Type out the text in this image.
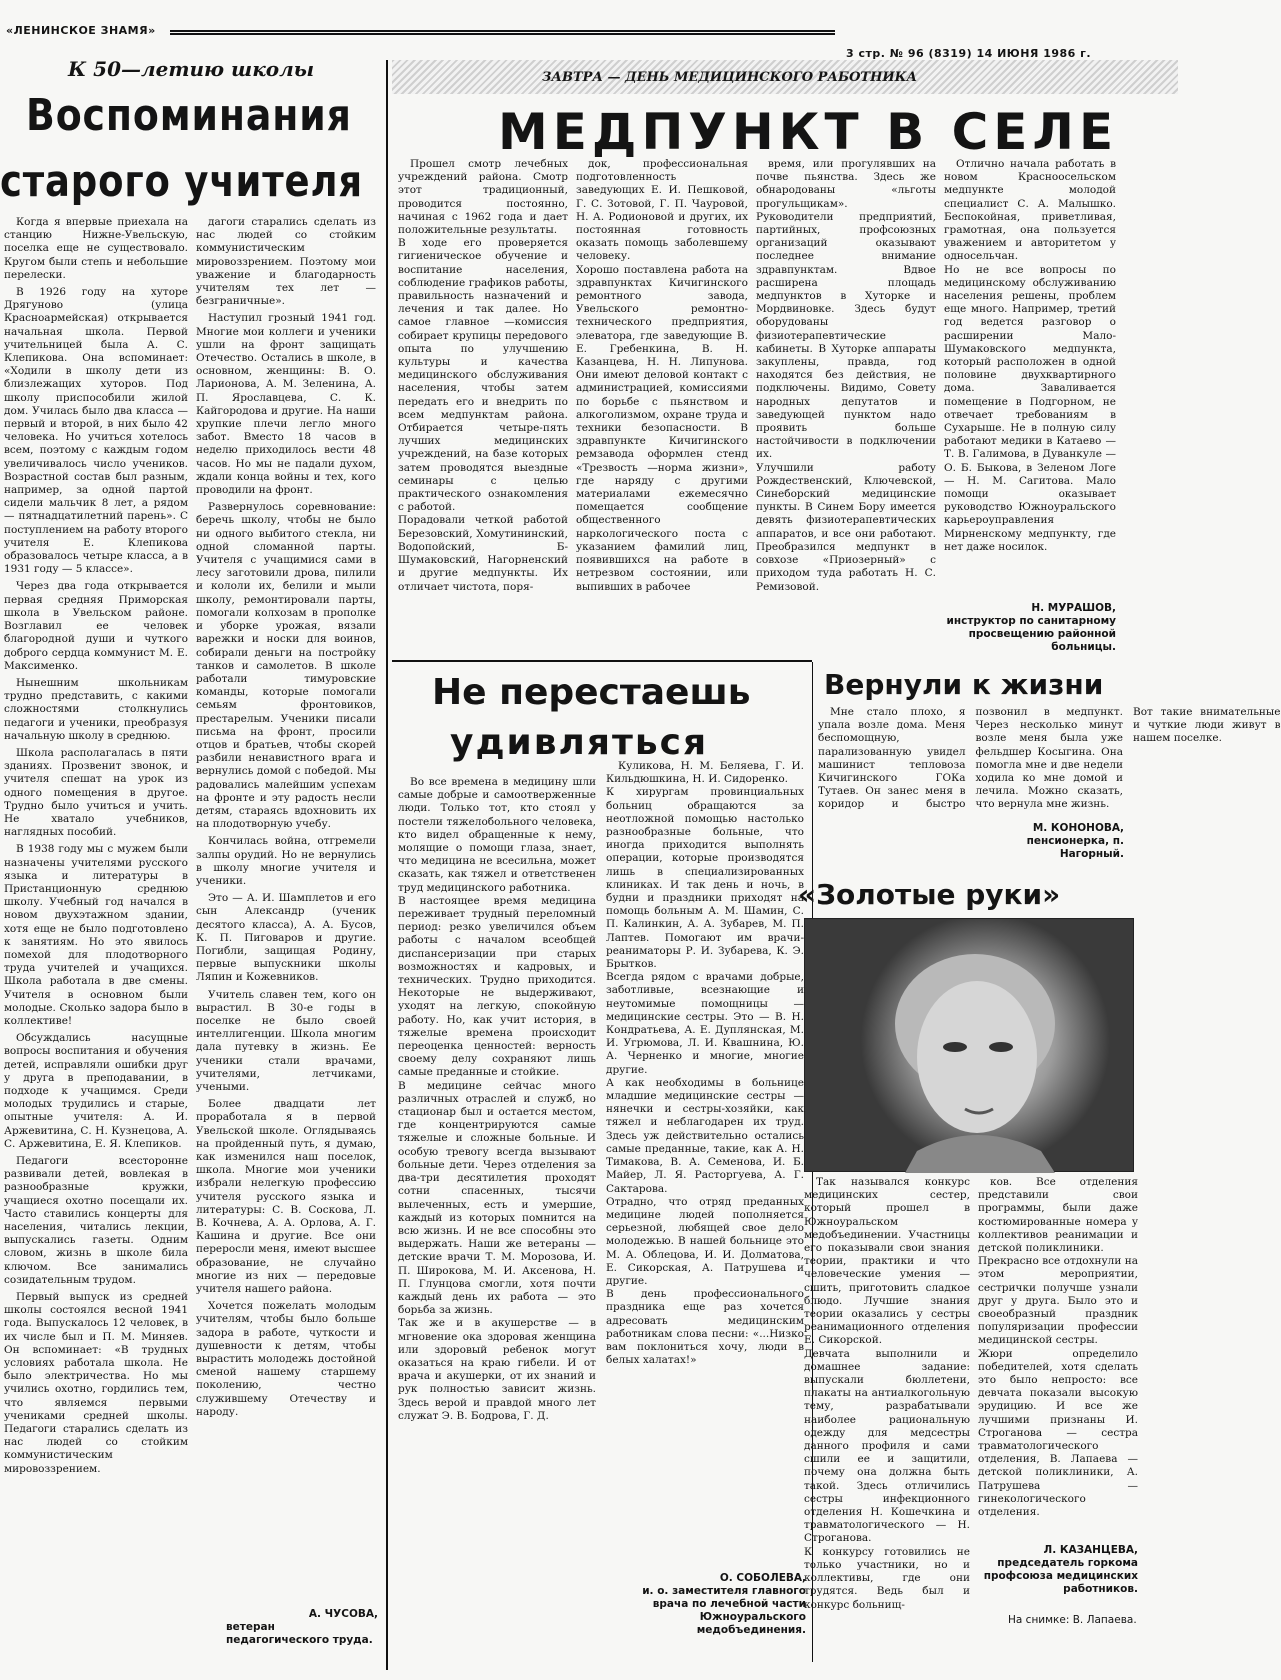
«ЛЕНИНСКОЕ ЗНАМЯ»
3 стр. № 96 (8319) 14 ИЮНЯ 1986 г.
К 50—летию школы
Воспоминания
старого учителя

Когда я впервые приехала на станцию Нижне-Увельскую, поселка еще не существовало. Кругом были степь и небольшие перелески.

В 1926 году на хуторе Дрягуново (улица Красноармейская) открывается начальная школа. Первой учительницей была А. С. Клепикова. Она вспоминает: «Ходили в школу дети из близлежащих хуторов. Под школу приспособили жилой дом. Училась было два класса — первый и второй, в них было 42 человека. Но учиться хотелось всем, поэтому с каждым годом увеличивалось число учеников. Возрастной состав был разным, например, за одной партой сидели мальчик 8 лет, а рядом — пятнадцатилетний парень». С поступлением на работу второго учителя Е. Клепикова образовалось четыре класса, а в 1931 году — 5 классе».

Через два года открывается первая средняя Приморская школа в Увельском районе. Возглавил ее человек благородной души и чуткого доброго сердца коммунист М. Е. Максименко.

Нынешним школьникам трудно представить, с какими сложностями столкнулись педагоги и ученики, преобразуя начальную школу в среднюю.

Школа располагалась в пяти зданиях. Прозвенит звонок, и учителя спешат на урок из одного помещения в другое. Трудно было учиться и учить. Не хватало учебников, наглядных пособий.

В 1938 году мы с мужем были назначены учителями русского языка и литературы в Пристанционную среднюю школу. Учебный год начался в новом двухэтажном здании, хотя еще не было подготовлено к занятиям. Но это явилось помехой для плодотворного труда учителей и учащихся. Школа работала в две смены. Учителя в основном были молодые. Сколько задора было в коллективе!

Обсуждались насущные вопросы воспитания и обучения детей, исправляли ошибки друг у друга в преподавании, в подходе к учащимся. Среди молодых трудились и старые, опытные учителя: А. И. Аржевитина, С. Н. Кузнецова, А. С. Аржевитина, Е. Я. Клепиков.

Педагоги всесторонне развивали детей, вовлекая в разнообразные кружки, учащиеся охотно посещали их. Часто ставились концерты для населения, читались лекции, выпускались газеты. Одним словом, жизнь в школе била ключом. Все занимались созидательным трудом.

Первый выпуск из средней школы состоялся весной 1941 года. Выпускалось 12 человек, в их числе был и П. М. Миняев. Он вспоминает: «В трудных условиях работала школа. Не было электричества. Но мы учились охотно, гордились тем, что являемся первыми учениками средней школы. Педагоги старались сделать из нас людей со стойким коммунистическим мировоззрением.

дагоги старались сделать из нас людей со стойким коммунистическим мировоззрением. Поэтому мои уважение и благодарность учителям тех лет — безграничные».

Наступил грозный 1941 год. Многие мои коллеги и ученики ушли на фронт защищать Отечество. Остались в школе, в основном, женщины: В. О. Ларионова, А. М. Зеленина, А. П. Ярославцева, С. К. Кайгородова и другие. На наши хрупкие плечи легло много забот. Вместо 18 часов в неделю приходилось вести 48 часов. Но мы не падали духом, ждали конца войны и тех, кого проводили на фронт.

Развернулось соревнование: беречь школу, чтобы не было ни одного выбитого стекла, ни одной сломанной парты. Учителя с учащимися сами в лесу заготовили дрова, пилили и кололи их, белили и мыли школу, ремонтировали парты, помогали колхозам в прополке и уборке урожая, вязали варежки и носки для воинов, собирали деньги на постройку танков и самолетов. В школе работали тимуровские команды, которые помогали семьям фронтовиков, престарелым. Ученики писали письма на фронт, просили отцов и братьев, чтобы скорей разбили ненавистного врага и вернулись домой с победой. Мы радовались малейшим успехам на фронте и эту радость несли детям, стараясь вдохновить их на плодотворную учебу.

Кончилась война, отгремели залпы орудий. Но не вернулись в школу многие учителя и ученики.

Это — А. И. Шамплетов и его сын Александр (ученик десятого класса), А. А. Бусов, К. П. Пиговаров и другие. Погибли, защищая Родину, первые выпускники школы Ляпин и Кожевников.

Учитель славен тем, кого он вырастил. В 30-е годы в поселке не было своей интеллигенции. Школа многим дала путевку в жизнь. Ее ученики стали врачами, учителями, летчиками, учеными.

Более двадцати лет проработала я в первой Увельской школе. Оглядываясь на пройденный путь, я думаю, как изменился наш поселок, школа. Многие мои ученики избрали нелегкую профессию учителя русского языка и литературы: С. В. Соскова, Л. В. Кочнева, А. А. Орлова, А. Г. Кашина и другие. Все они переросли меня, имеют высшее образование, не случайно многие из них — передовые учителя нашего района.

Хочется пожелать молодым учителям, чтобы было больше задора в работе, чуткости и душевности к детям, чтобы вырастить молодежь достойной сменой нашему старшему поколению, честно служившему Отечеству и народу.

А. ЧУСОВА,
ветеран педагогического труда.
ЗАВТРА — ДЕНЬ МЕДИЦИНСКОГО РАБОТНИКА
МЕДПУНКТ В СЕЛЕ
Прошел смотр лечебных учреждений района. Смотр этот традиционный, проводится постоянно, начиная с 1962 года и дает положительные результаты.
В ходе его проверяется гигиеническое обучение и воспитание населения, соблюдение графиков работы, правильность назначений и лечения и так далее. Но самое главное —комиссия собирает крупицы передового опыта по улучшению культуры и качества медицинского обслуживания населения, чтобы затем передать его и внедрить по всем медпунктам района. Отбирается четыре-пять лучших медицинских учреждений, на базе которых затем проводятся выездные семинары с целью практического ознакомления с работой.
Порадовали четкой работой Березовский, Хомутининский, Водопойский, Б-Шумаковский, Нагорненский и другие медпункты. Их отличает чистота, поря-
док, профессиональная подготовленность заведующих Е. И. Пешковой, Г. С. Зотовой, Г. П. Чауровой, Н. А. Родионовой и других, их постоянная готовность оказать помощь заболевшему человеку.
Хорошо поставлена работа на здравпунктах Кичигинского ремонтного завода, Увельского ремонтно-технического предприятия, элеватора, где заведующие В. Е. Гребенкина, В. Н. Казанцева, Н. Н. Липунова. Они имеют деловой контакт с администрацией, комиссиями по борьбе с пьянством и алкоголизмом, охране труда и техники безопасности. В здравпункте Кичигинского ремзавода оформлен стенд «Трезвость —норма жизни», где наряду с другими материалами ежемесячно помещается сообщение общественного наркологического поста с указанием фамилий лиц, появившихся на работе в нетрезвом состоянии, или выпивших в рабочее
время, или прогулявших на почве пьянства. Здесь же обнародованы «льготы прогульщикам».
Руководители предприятий, партийных, профсоюзных организаций оказывают последнее внимание здравпунктам. Вдвое расширена площадь медпунктов в Хуторке и Мордвиновке. Здесь будут оборудованы физиотерапевтические кабинеты. В Хуторке аппараты закуплены, правда, год находятся без действия, не подключены. Видимо, Совету народных депутатов и заведующей пунктом надо проявить больше настойчивости в подключении их.
Улучшили работу Рождественский, Ключевской, Синеборский медицинские пункты. В Синем Бору имеется девять физиотерапевтических аппаратов, и все они работают. Преобразился медпункт в совхозе «Приозерный» с приходом туда работать Н. С. Ремизовой.
Отлично начала работать в новом Красноосельском медпункте молодой специалист С. А. Малышко. Беспокойная, приветливая, грамотная, она пользуется уважением и авторитетом у односельчан.
Но не все вопросы по медицинскому обслуживанию населения решены, проблем еще много. Например, третий год ведется разговор о расширении Мало-Шумаковского медпункта, который расположен в одной половине двухквартирного дома. Заваливается помещение в Подгорном, не отвечает требованиям в Сухарыше. Не в полную силу работают медики в Катаево — Т. В. Галимова, в Дуванкуле — О. Б. Быкова, в Зеленом Логе— Н. М. Сагитова. Мало помощи оказывает руководство Южноуральского карьероуправления Мирненскому медпункту, где нет даже носилок.
Н. МУРАШОВ,
инструктор по санитарному просвещению районной больницы.
Не перестаешь
удивляться
Во все времена в медицину шли самые добрые и самоотверженные люди. Только тот, кто стоял у постели тяжелобольного человека, кто видел обращенные к нему, молящие о помощи глаза, знает, что медицина не всесильна, может сказать, как тяжел и ответственен труд медицинского работника.
В настоящее время медицина переживает трудный переломный период: резко увеличился объем работы с началом всеобщей диспансеризации при старых возможностях и кадровых, и технических. Трудно приходится. Некоторые не выдерживают, уходят на легкую, спокойную работу. Но, как учит история, в тяжелые времена происходит переоценка ценностей: верность своему делу сохраняют лишь самые преданные и стойкие.
В медицине сейчас много различных отраслей и служб, но стационар был и остается местом, где концентрируются самые тяжелые и сложные больные. И особую тревогу всегда вызывают больные дети. Через отделения за два-три десятилетия проходят сотни спасенных, тысячи вылеченных, есть и умершие, каждый из которых помнится на всю жизнь. И не все способны это выдержать. Наши же ветераны — детские врачи Т. М. Морозова, И. П. Широкова, М. И. Аксенова, Н. П. Глунцова смогли, хотя почти каждый день их работа — это борьба за жизнь.
Так же и в акушерстве — в мгновение ока здоровая женщина или здоровый ребенок могут оказаться на краю гибели. И от врача и акушерки, от их знаний и рук полностью зависит жизнь. Здесь верой и правдой много лет служат Э. В. Бодрова, Г. Д.
Куликова, Н. М. Беляева, Г. И. Кильдюшкина, Н. И. Сидоренко.
К хирургам провинциальных больниц обращаются за неотложной помощью настолько разнообразные больные, что иногда приходится выполнять операции, которые производятся лишь в специализированных клиниках. И так день и ночь, в будни и праздники приходят на помощь больным А. М. Шамин, С. П. Калинкин, А. А. Зубарев, М. П. Лаптев. Помогают им врачи-реаниматоры Р. И. Зубарева, К. Э. Брытков.
Всегда рядом с врачами добрые, заботливые, всезнающие и неутомимые помощницы — медицинские сестры. Это — В. Н. Кондратьева, А. Е. Дуплянская, М. И. Угрюмова, Л. И. Квашнина, Ю. А. Черненко и многие, многие другие.
А как необходимы в больнице младшие медицинские сестры — нянечки и сестры-хозяйки, как тяжел и неблагодарен их труд. Здесь уж действительно остались самые преданные, такие, как А. Н. Тимакова, В. А. Семенова, И. Б. Майер, Л. Я. Расторгуева, А. Г. Сактарова.
Отрадно, что отряд преданных медицине людей пополняется серьезной, любящей свое дело молодежью. В нашей больнице это М. А. Облецова, И. И. Долматова, Е. Сикорская, А. Патрушева и другие.
В день профессионального праздника еще раз хочется адресовать медицинским работникам слова песни: «...Низко вам поклониться хочу, люди в белых халатах!»
О. СОБОЛЕВА,
и. о. заместителя главного врача по лечебной части Южноуральского медобъединения.
Вернули к жизни
Мне стало плохо, я упала возле дома. Меня беспомощную, парализованную увидел машинист тепловоза Кичигинского ГОКа Тутаев. Он занес меня в коридор и быстро позвонил в медпункт. Через несколько минут возле меня была уже фельдшер Косыгина. Она помогла мне и две недели ходила ко мне домой и лечила. Можно сказать, что вернула мне жизнь.
Вот такие внимательные и чуткие люди живут в нашем поселке.
М. КОНОНОВА,
пенсионерка, п. Нагорный.
«Золотые руки»
Так назывался конкурс медицинских сестер, который прошел в Южноуральском медобъединении. Участницы его показывали свои знания теории, практики и что человеческие умения — сшить, приготовить сладкое блюдо. Лучшие знания теории оказались у сестры реанимационного отделения Е. Сикорской.
Девчата выполнили и домашнее задание: выпускали бюллетени, плакаты на антиалкогольную тему, разрабатывали наиболее рациональную одежду для медсестры данного профиля и сами сшили ее и защитили, почему она должна быть такой. Здесь отличились сестры инфекционного отделения Н. Кошечкина и травматологического — Н. Строганова.
К конкурсу готовились не только участники, но и коллективы, где они трудятся. Ведь был и конкурс больнищ-
ков. Все отделения представили свои программы, были даже костюмированные номера у коллективов реанимации и детской поликлиники.
Прекрасно все отдохнули на этом мероприятии, сестрички получше узнали друг у друга. Было это и своеобразный праздник популяризации профессии медицинской сестры.
Жюри определило победителей, хотя сделать это было непросто: все девчата показали высокую эрудицию. И все же лучшими признаны И. Строганова — сестра травматологического отделения, В. Лапаева —детской поликлиники, А. Патрушева — гинекологического отделения.
Л. КАЗАНЦЕВА,
председатель горкома профсоюза медицинских работников.
На снимке: В. Лапаева.
